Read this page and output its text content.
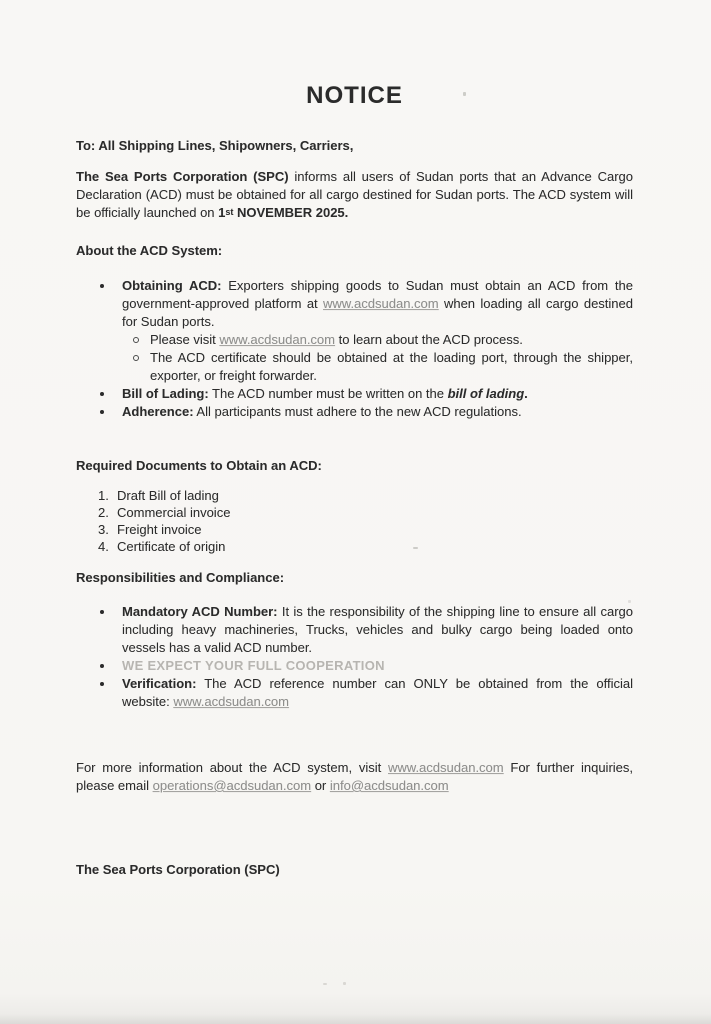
NOTICE
To: All Shipping Lines, Shipowners, Carriers,
The Sea Ports Corporation (SPC) informs all users of Sudan ports that an Advance Cargo Declaration (ACD) must be obtained for all cargo destined for Sudan ports. The ACD system will be officially launched on 1st NOVEMBER 2025.
About the ACD System:
Obtaining ACD: Exporters shipping goods to Sudan must obtain an ACD from the government-approved platform at www.acdsudan.com when loading all cargo destined for Sudan ports.
Please visit www.acdsudan.com to learn about the ACD process.
The ACD certificate should be obtained at the loading port, through the shipper, exporter, or freight forwarder.
Bill of Lading: The ACD number must be written on the bill of lading.
Adherence: All participants must adhere to the new ACD regulations.
Required Documents to Obtain an ACD:
1. Draft Bill of lading
2. Commercial invoice
3. Freight invoice
4. Certificate of origin
Responsibilities and Compliance:
Mandatory ACD Number: It is the responsibility of the shipping line to ensure all cargo including heavy machineries, Trucks, vehicles and bulky cargo being loaded onto vessels has a valid ACD number.
WE EXPECT YOUR FULL COOPERATION
Verification: The ACD reference number can ONLY be obtained from the official website: www.acdsudan.com
For more information about the ACD system, visit www.acdsudan.com For further inquiries, please email operations@acdsudan.com or info@acdsudan.com
The Sea Ports Corporation (SPC)
